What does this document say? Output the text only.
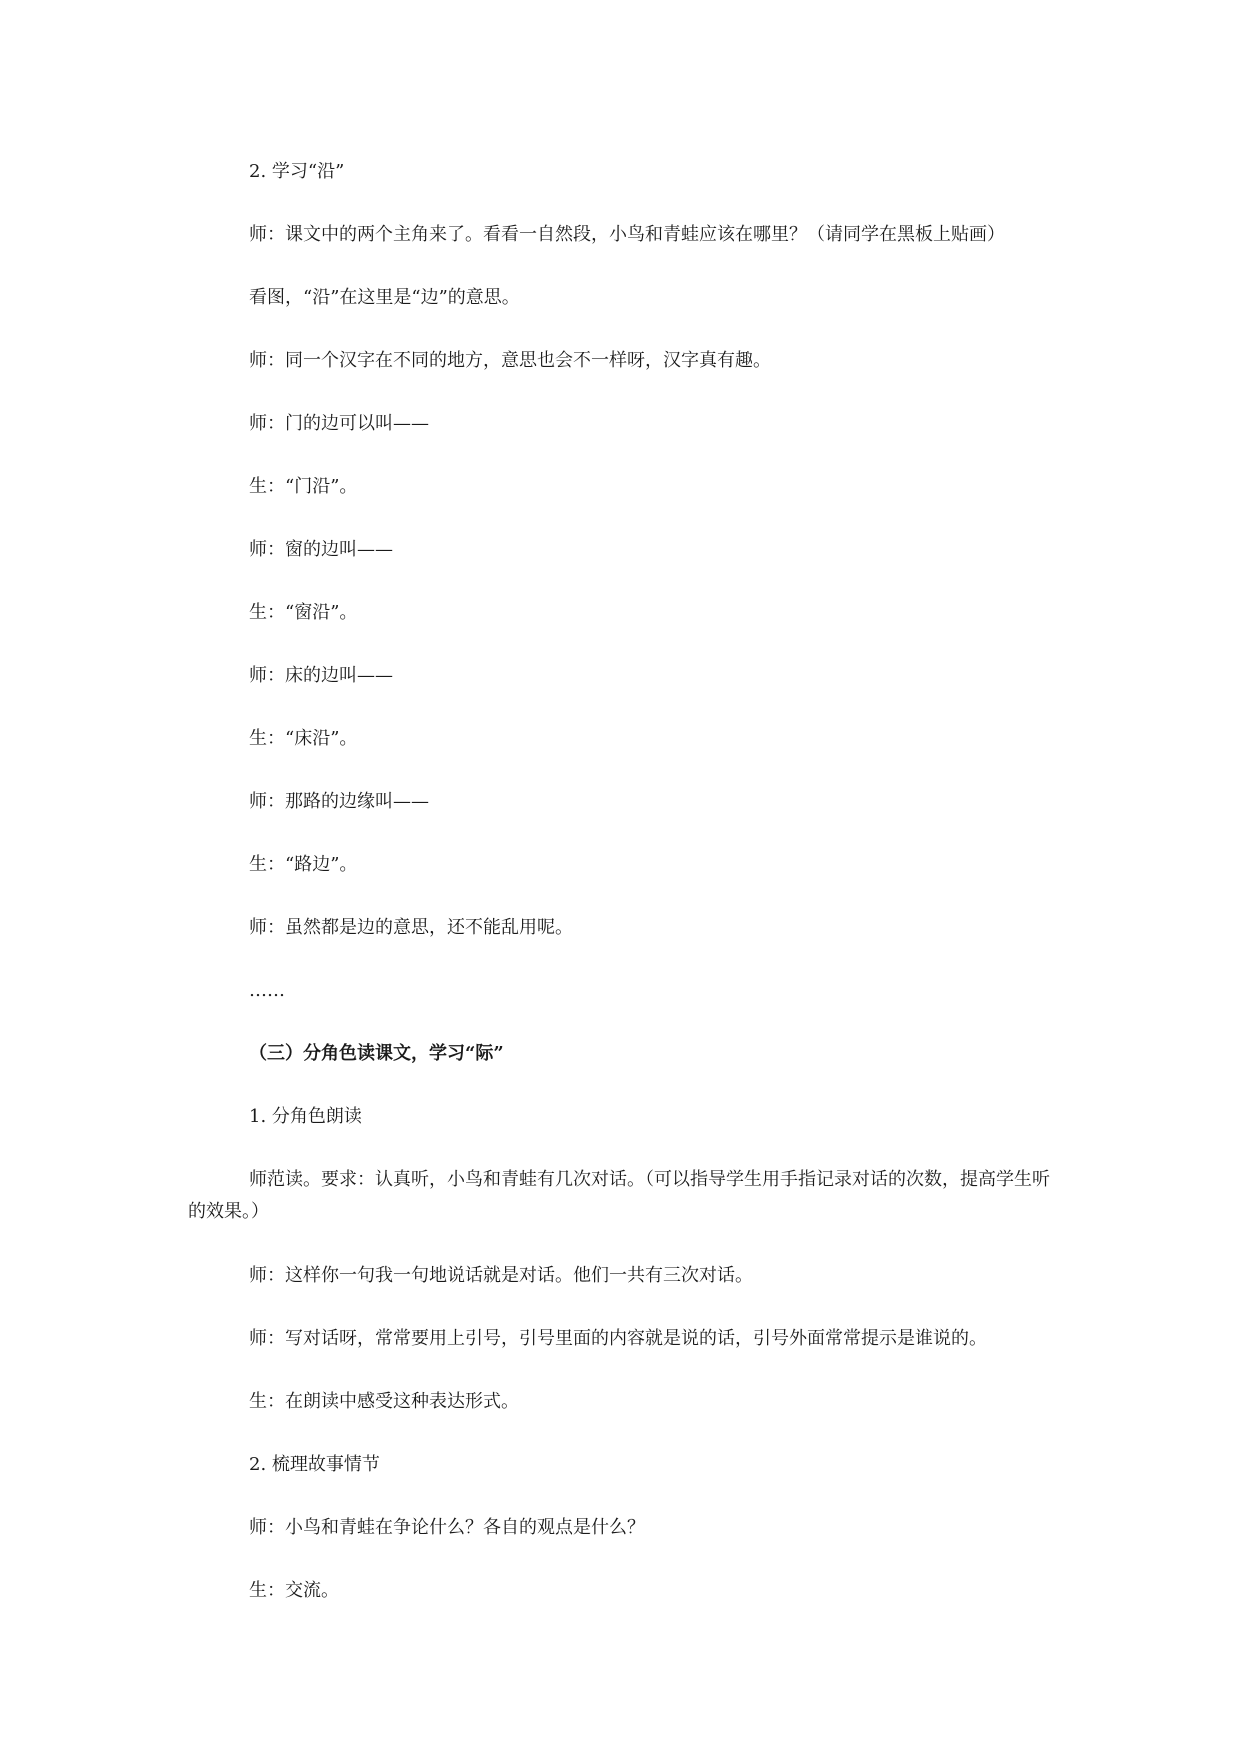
2. 学习“沿”
师：课文中的两个主角来了。看看一自然段，小鸟和青蛙应该在哪里？（请同学在黑板上贴画）
看图，“沿”在这里是“边”的意思。
师：同一个汉字在不同的地方，意思也会不一样呀，汉字真有趣。
师：门的边可以叫——
生：“门沿”。
师：窗的边叫——
生：“窗沿”。
师：床的边叫——
生：“床沿”。
师：那路的边缘叫——
生：“路边”。
师：虽然都是边的意思，还不能乱用呢。
……
（三）分角色读课文，学习“际”
1. 分角色朗读
师范读。要求：认真听，小鸟和青蛙有几次对话。（可以指导学生用手指记录对话的次数，提高学生听的效果。）
师：这样你一句我一句地说话就是对话。他们一共有三次对话。
师：写对话呀，常常要用上引号，引号里面的内容就是说的话，引号外面常常提示是谁说的。
生：在朗读中感受这种表达形式。
2. 梳理故事情节
师：小鸟和青蛙在争论什么？各自的观点是什么？
生：交流。
